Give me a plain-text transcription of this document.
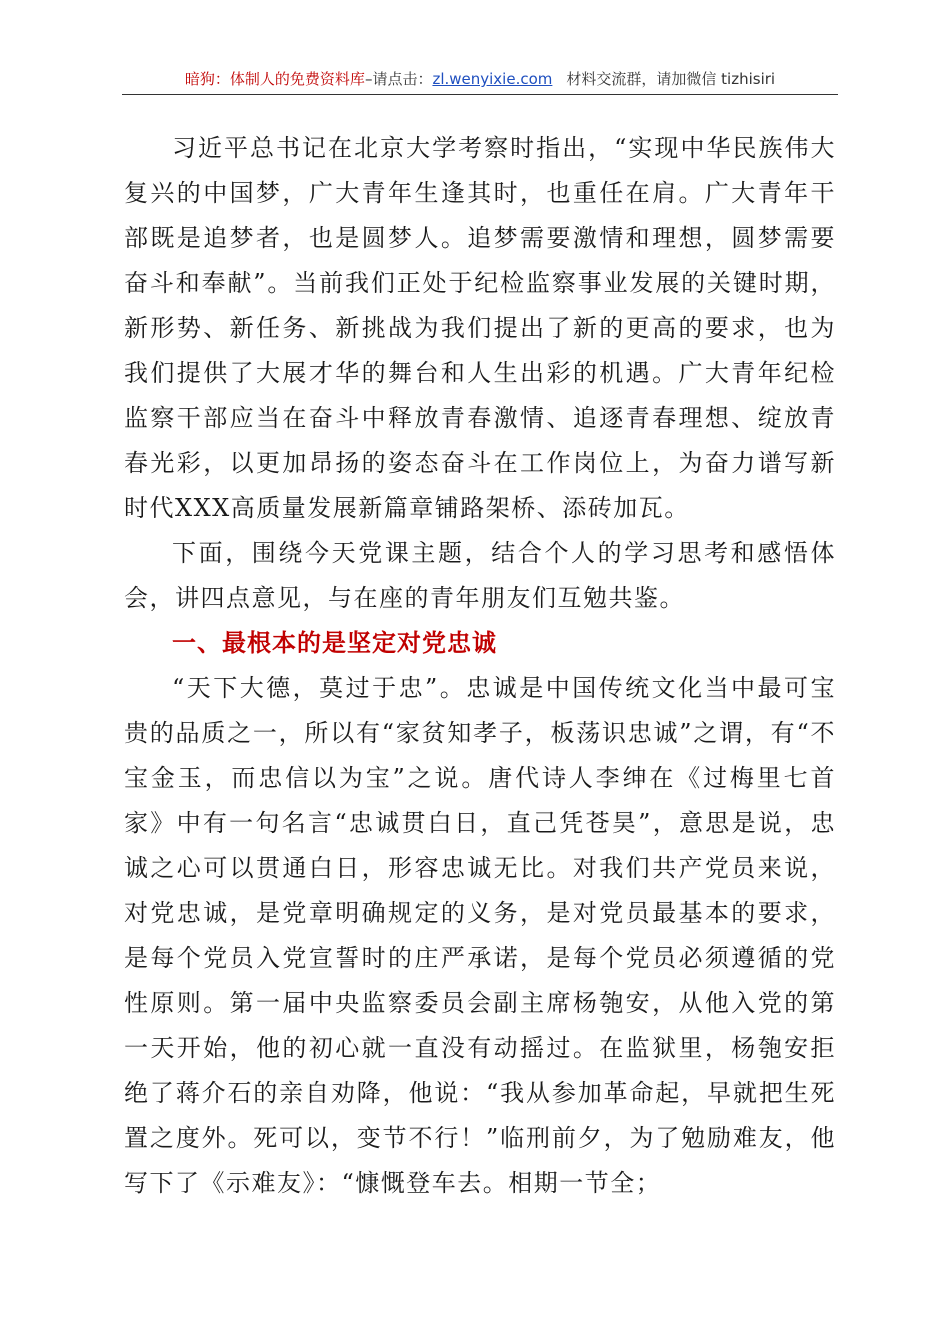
暗狗：体制人的免费资料库–请点击：zl.wenyixie.com 材料交流群，请加微信 tizhisiri

习近平总书记在北京大学考察时指出，“实现中华民族伟大复兴的中国梦，广大青年生逢其时，也重任在肩。广大青年干部既是追梦者，也是圆梦人。追梦需要激情和理想，圆梦需要奋斗和奉献”。当前我们正处于纪检监察事业发展的关键时期，新形势、新任务、新挑战为我们提出了新的更高的要求，也为我们提供了大展才华的舞台和人生出彩的机遇。广大青年纪检监察干部应当在奋斗中释放青春激情、追逐青春理想、绽放青春光彩，以更加昂扬的姿态奋斗在工作岗位上，为奋力谱写新时代XXX高质量发展新篇章铺路架桥、添砖加瓦。

下面，围绕今天党课主题，结合个人的学习思考和感悟体会，讲四点意见，与在座的青年朋友们互勉共鉴。

一、最根本的是坚定对党忠诚

“天下大德，莫过于忠”。忠诚是中国传统文化当中最可宝贵的品质之一，所以有“家贫知孝子，板荡识忠诚”之谓，有“不宝金玉，而忠信以为宝”之说。唐代诗人李绅在《过梅里七首家》中有一句名言“忠诚贯白日，直己凭苍昊”，意思是说，忠诚之心可以贯通白日，形容忠诚无比。对我们共产党员来说，对党忠诚，是党章明确规定的义务，是对党员最基本的要求，是每个党员入党宣誓时的庄严承诺，是每个党员必须遵循的党性原则。第一届中央监察委员会副主席杨匏安，从他入党的第一天开始，他的初心就一直没有动摇过。在监狱里，杨匏安拒绝了蒋介石的亲自劝降，他说：“我从参加革命起，早就把生死置之度外。死可以，变节不行！”临刑前夕，为了勉励难友，他写下了《示难友》：“慷慨登车去。相期一节全；
